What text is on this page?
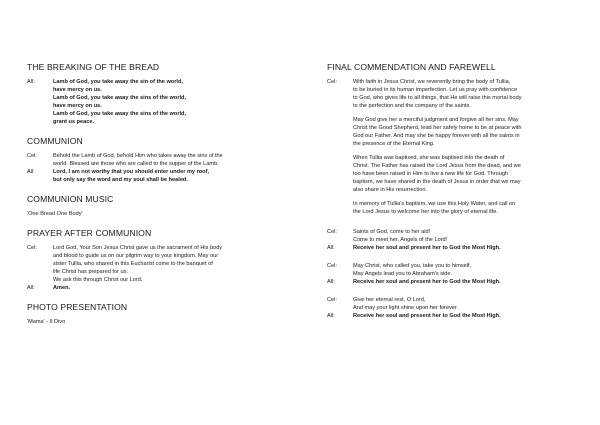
THE BREAKING OF THE BREAD
All:	Lamb of God, you take away the sin of the world,
have mercy on us.
Lamb of God, you take away the sins of the world,
have mercy on us.
Lamb of God, you take away the sins of the world,
grant us peace.
COMMUNION
Cel:	Behold the Lamb of God, behold Him who takes away the sins of the
world. Blessed are those who are called to the supper of the Lamb.
All:	Lord, I am not worthy that you should enter under my roof,
but only say the word and my soul shall be healed.
COMMUNION MUSIC
'One Bread One Body'
PRAYER AFTER COMMUNION
Cel:	Lord God, Your Son Jesus Christ gave us the sacrament of His body
and blood to guide us on our pilgrim way to your kingdom. May our
sister Tullia, who shared in this Eucharist come to the banquet of
life Christ has prepared for us.
We ask this through Christ our Lord.
All:	Amen.
PHOTO PRESENTATION
'Mama' - Il Divo
FINAL COMMENDATION AND FAREWELL
Cel:	With faith in Jesus Christ, we reverently bring the body of Tullia,
to be buried in its human imperfection. Let us pray with confidence
to God, who gives life to all things, that He will raise this mortal body
to the perfection and the company of the saints.
May God give her a merciful judgment and forgive all her sins. May
Christ the Good Shepherd, lead her safely home to be at peace with
God our Father. And may she be happy forever with all the saints in
the presence of the Eternal King.
When Tullia was baptised, she was baptised into the death of
Christ. The Father has raised the Lord Jesus from the dead, and we
too have been raised in Him to live a new life for God. Through
baptism, we have shared in the death of Jesus in order that we may
also share in His resurrection.
In memory of Tullia's baptism, we use this Holy Water, and call on
the Lord Jesus to welcome her into the glory of eternal life.
Cel:	Saints of God, come to her aid!
Come to meet her, Angels of the Lord!
All:	Receive her soul and present her to God the Most High.
Cel:	May Christ, who called you, take you to himself,
May Angels lead you to Abraham's side.
All:	Receive her soul and present her to God the Most High.
Cel:	Give her eternal rest, O Lord,
And may your light shine upon her forever.
All:	Receive her soul and present her to God the Most High.
